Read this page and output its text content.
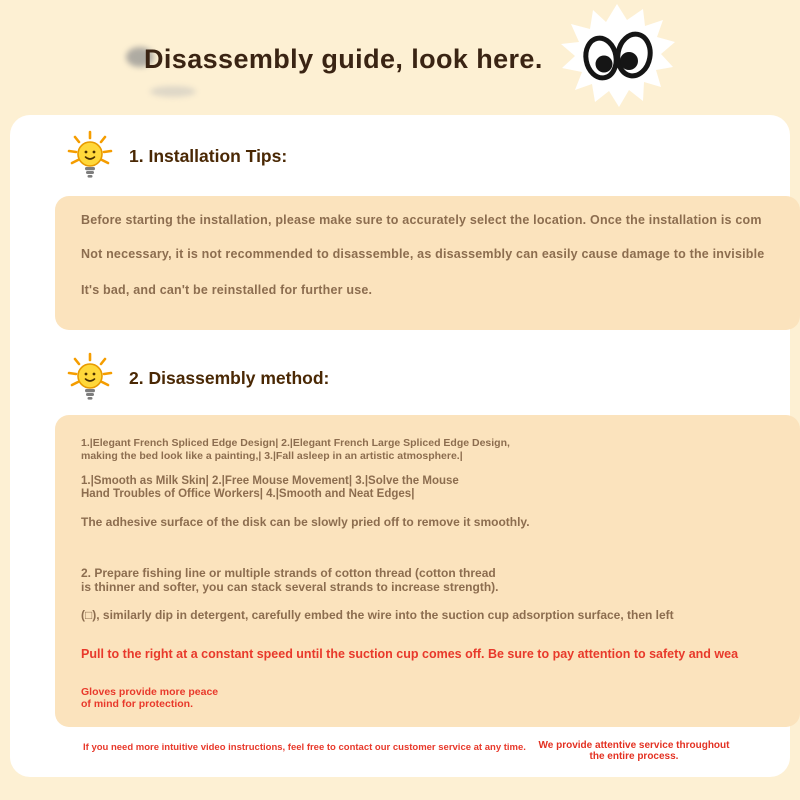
Disassembly guide, look here.
1. Installation Tips:

Before starting the installation, please make sure to accurately select the location. Once the installation is com

Not necessary, it is not recommended to disassemble, as disassembly can easily cause damage to the invisible

It's bad, and can't be reinstalled for further use.

2. Disassembly method:
1.|Elegant French Spliced Edge Design| 2.|Elegant French Large Spliced Edge Design,
making the bed look like a painting,| 3.|Fall asleep in an artistic atmosphere.|
1.|Smooth as Milk Skin| 2.|Free Mouse Movement| 3.|Solve the Mouse
Hand Troubles of Office Workers| 4.|Smooth and Neat Edges|

The adhesive surface of the disk can be slowly pried off to remove it smoothly.

2. Prepare fishing line or multiple strands of cotton thread (cotton thread
is thinner and softer, you can stack several strands to increase strength).

(□), similarly dip in detergent, carefully embed the wire into the suction cup adsorption surface, then left

Pull to the right at a constant speed until the suction cup comes off. Be sure to pay attention to safety and wea

Gloves provide more peace
of mind for protection.

If you need more intuitive video instructions, feel free to contact our customer service at any time.	We provide attentive service throughout
the entire process.
